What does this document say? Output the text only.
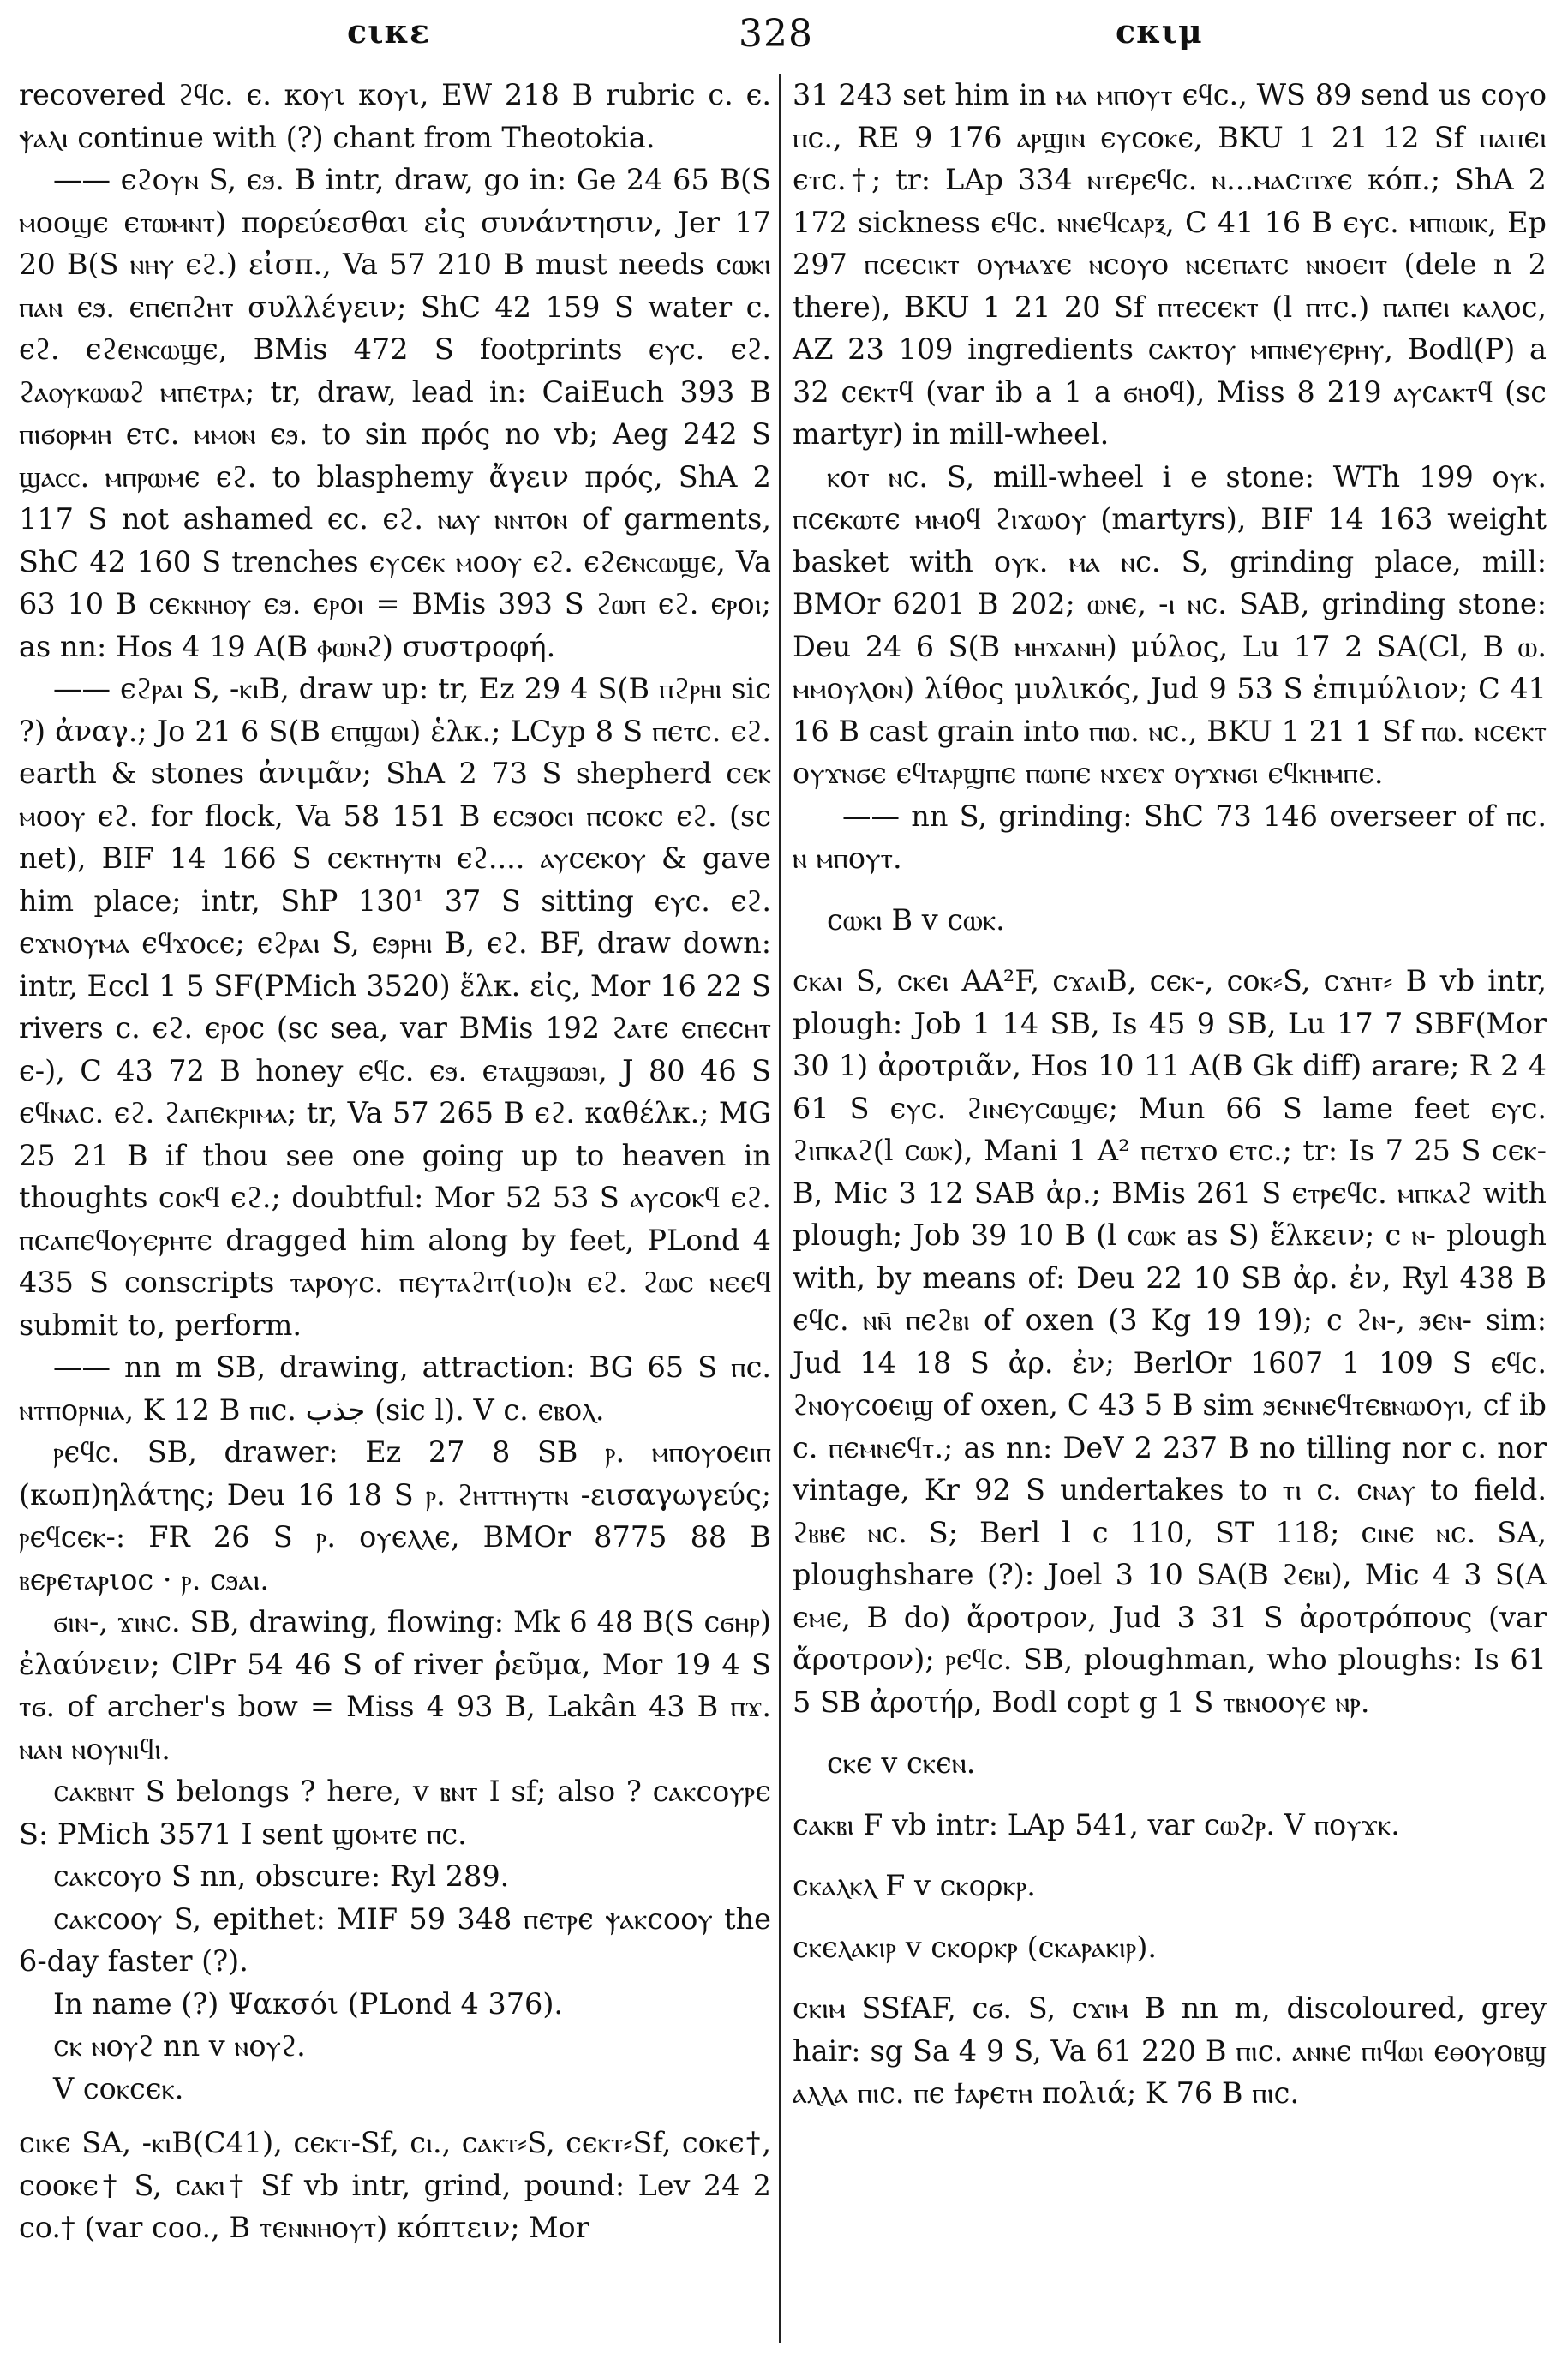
ϲικε	328	ϲκιμ

recovered ϩϥϲ. ϵ. κοⲩι κοⲩι, EW 218 B rubric c. ϵ. ⲯⲁⲗⲓ continue with (?) chant from Theotokia.

—— ϵϩοⲩⲛ S, ϵϧ. B intr, draw, go in: Ge 24 65 B(S ⲙοοϣϵ ϵⲧⲱⲙⲛⲧ) πορεύεσθαι εἰς συνάντησιν, Jer 17 20 B(S ⲛⲏⲩ ϵϩ.) εἰσπ., Va 57 210 B must needs ϲⲱⲕⲓ ⲡⲁⲛ ϵϧ. ϵⲡϵⲡϩⲏⲧ συλλέγειν; ShC 42 159 S water c. ϵϩ. ϵϩϵⲛⲥⲱϣϵ, BMis 472 S footprints ϵⲩϲ. ϵϩ. ϩⲁⲟⲩⲕⲱⲱϩ ⲙⲡϵⲧⲣⲁ; tr, draw, lead in: CaiEuch 393 B ⲡⲓϭⲟⲣⲙⲏ ϵⲧϲ. ⲙⲙⲟⲛ ϵϧ. to sin πρός no vb; Aeg 242 S ϣⲁⲥⲥ. ⲙⲡⲣⲱⲙϵ ϵϩ. to blasphemy ἄγειν πρός, ShA 2 117 S not ashamed ϵϲ. ϵϩ. ⲛⲁⲩ ⲛⲛⲧοⲛ of garments, ShC 42 160 S trenches ϵⲩϲϵⲕ ⲙοοⲩ ϵϩ. ϵϩϵⲛⲥⲱϣϵ, Va 63 10 B ϲϵⲕⲛⲏⲟⲩ ϵϧ. ϵⲣοⲓ = BMis 393 S ϩⲱⲡ ϵϩ. ϵⲣοⲓ; as nn: Hos 4 19 A(B ⲫⲱⲛϩ) συστροφή.

—— ϵϩⲣⲁⲓ S, -ⲕⲓB, draw up: tr, Ez 29 4 S(B ⲡϩⲣⲏⲓ sic ?) ἀναγ.; Jo 21 6 S(B ϵⲡϣⲱⲓ) ἑλκ.; LCyp 8 S ⲡϵⲧϲ. ϵϩ. earth & stones ἀνιμᾶν; ShA 2 73 S shepherd ϲϵⲕ ⲙοοⲩ ϵϩ. for flock, Va 58 151 B ϵϲϧοⲥⲓ ⲡϲοⲕϲ ϵϩ. (sc net), BIF 14 166 S ϲϵⲕⲧⲏⲩⲧⲛ ϵϩ.... ⲁⲩϲϵⲕοⲩ & gave him place; intr, ShP 130¹ 37 S sitting ϵⲩϲ. ϵϩ. ϵϫⲛοⲩⲙⲁ ϵϥϫοⲥϵ; ϵϩⲣⲁⲓ S, ϵϧⲣⲏⲓ B, ϵϩ. BF, draw down: intr, Eccl 1 5 SF(PMich 3520) ἕλκ. εἰς, Mor 16 22 S rivers c. ϵϩ. ϵⲣοϲ (sc sea, var BMis 192 ϩⲁⲧϵ ϵⲡϵϲⲏⲧ ϵ-), C 43 72 B honey ϵϥϲ. ϵϧ. ϵⲧⲁϣϧⲱϧⲓ, J 80 46 S ϵϥⲛⲁϲ. ϵϩ. ϩⲁⲡϵⲕⲣⲓⲙⲁ; tr, Va 57 265 B ϵϩ. καθέλκ.; MG 25 21 B if thou see one going up to heaven in thoughts ϲοⲕϥ ϵϩ.; doubtful: Mor 52 53 S ⲁⲩϲοⲕϥ ϵϩ. ⲡϲⲁⲡϵϥοⲩϵⲣⲏⲧϵ dragged him along by feet, PLond 4 435 S conscripts ⲧⲁⲣοⲩϲ. ⲡϵⲩⲧⲁϩⲓⲧ(ιο)ⲛ ϵϩ. ϩⲱϲ ⲛϵϵϥ submit to, perform.

—— nn m SB, drawing, attraction: BG 65 S ⲡϲ. ⲛⲧⲡοⲣⲛⲓⲁ, K 12 B ⲡⲓϲ. جذب (sic l). V c. ϵⲃοⲗ.

ⲣϵϥϲ. SB, drawer: Ez 27 8 SB ⲣ. ⲙⲡοⲩοϵⲓⲡ (κωπ)ηλάτης; Deu 16 18 S ⲣ. ϩⲏⲧⲧⲏⲩⲧⲛ -εισαγωγεύς; ⲣϵϥϲϵⲕ-: FR 26 S ⲣ. οⲩϵⲗⲗϵ, BMOr 8775 88 B ⲃϵⲣϵⲧⲁⲣιοϲ · ⲣ. ϲϧⲁⲓ.

ϭⲓⲛ-, ϫⲓⲛϲ. SB, drawing, flowing: Mk 6 48 B(S ϲϭⲏⲣ) ἐλαύνειν; ClPr 54 46 S of river ῥεῦμα, Mor 19 4 S ⲧϭ. of archer's bow = Miss 4 93 B, Lakân 43 B ⲡϫ. ⲛⲁⲛ ⲛοⲩⲛⲓϥⲓ.

ϲⲁⲕⲃⲛⲧ S belongs ? here, v ⲃⲛⲧ I sf; also ? ϲⲁⲕϲοⲩⲣϵ S: PMich 3571 I sent ϣοⲙⲧϵ ⲡϲ.

ϲⲁⲕϲοⲩο S nn, obscure: Ryl 289.

ϲⲁⲕϲοοⲩ S, epithet: MIF 59 348 ⲡϵⲧⲣϵ ⲯⲁⲕϲοοⲩ the 6-day faster (?).

In name (?) Ψακσόι (PLond 4 376).

ϲⲕ ⲛοⲩϩ nn v ⲛοⲩϩ.

V ϲοⲕϲϵⲕ.

ϲⲓⲕϵ SA, -ⲕⲓB(C41), ϲϵⲕⲧ-Sf, ϲⲓ., ϲⲁⲕⲧ⸗S, ϲϵⲕⲧ⸗Sf, ϲοⲕϵ†, ϲοοⲕϵ† S, ϲⲁⲕⲓ† Sf vb intr, grind, pound: Lev 24 2 co.† (var coo., B ⲧϵⲛⲛⲏοⲩⲧ) κόπτειν; Mor

31 243 set him in ⲙⲁ ⲙⲡοⲩⲧ ϵϥϲ., WS 89 send us ϲοⲩο ⲡϲ., RE 9 176 ⲁⲣϣⲓⲛ ϵⲩϲοⲕϵ, BKU 1 21 12 Sf ⲡⲁⲡϵⲓ ϵⲧϲ.†; tr: LAp 334 ⲛⲧϵⲣϵϥϲ. ⲛ...ⲙⲁϲⲧⲓϫϵ κόπ.; ShA 2 172 sickness ϵϥϲ. ⲛⲛϵϥⲥⲁⲣⲝ, C 41 16 B ϵⲩϲ. ⲙⲡⲓⲱⲓⲕ, Ep 297 ⲡϲϵϲⲓⲕⲧ οⲩⲙⲁϫϵ ⲛϲοⲩο ⲛϲϵⲡⲁⲧϲ ⲛⲛοϵⲓⲧ (dele n 2 there), BKU 1 21 20 Sf ⲡⲧϵϲϵⲕⲧ (l ⲡⲧϲ.) ⲡⲁⲡϵⲓ ⲕⲁⲗοϲ, AZ 23 109 ingredients ϲⲁⲕⲧοⲩ ⲙⲡⲛϵⲩϵⲣⲏⲩ, Bodl(P) a 32 ϲϵⲕⲧϥ (var ib a 1 a ϭⲏοϥ), Miss 8 219 ⲁⲩϲⲁⲕⲧϥ (sc martyr) in mill-wheel.

ⲕοⲧ ⲛϲ. S, mill-wheel i e stone: WTh 199 οⲩⲕ. ⲡϲϵⲕⲱⲧϵ ⲙⲙοϥ ϩⲓϫⲱοⲩ (martyrs), BIF 14 163 weight basket with οⲩⲕ. ⲙⲁ ⲛϲ. S, grinding place, mill: BMOr 6201 B 202; ⲱⲛϵ, -ⲓ ⲛϲ. SAB, grinding stone: Deu 24 6 S(B ⲙⲏϫⲁⲛⲏ) μύλος, Lu 17 2 SA(Cl, B ⲱ. ⲙⲙοⲩⲗοⲛ) λίθος μυλικός, Jud 9 53 S ἐπιμύλιον; C 41 16 B cast grain into ⲡⲓⲱ. ⲛϲ., BKU 1 21 1 Sf ⲡⲱ. ⲛϲϵⲕⲧ οⲩϫⲛϭϵ ϵϥⲧⲁⲣϣⲡϵ ⲡⲱⲡϵ ⲛϫϵϫ οⲩϫⲛϭⲓ ϵϥⲕⲏⲙⲡϵ.

—— nn S, grinding: ShC 73 146 overseer of ⲡϲ. ⲛ ⲙⲡοⲩⲧ.

ϲⲱⲕⲓ B v ϲⲱⲕ.

ϲⲕⲁⲓ S, ϲⲕϵⲓ AA²F, ϲϫⲁⲓB, ϲϵⲕ-, ϲοⲕ⸗S, ϲϫⲏⲧ⸗ B vb intr, plough: Job 1 14 SB, Is 45 9 SB, Lu 17 7 SBF(Mor 30 1) ἀροτριᾶν, Hos 10 11 A(B Gk diff) arare; R 2 4 61 S ϵⲩϲ. ϩⲓⲛϵⲩϲⲱϣϵ; Mun 66 S lame feet ϵⲩϲ. ϩⲓⲡⲕⲁϩ(l ϲⲱⲕ), Mani 1 A² ⲡϵⲧϫο ϵⲧϲ.; tr: Is 7 25 S ϲϵⲕ- B, Mic 3 12 SAB ἀρ.; BMis 261 S ϵⲧⲣϵϥϲ. ⲙⲡⲕⲁϩ with plough; Job 39 10 B (l ϲⲱⲕ as S) ἕλκειν; c ⲛ- plough with, by means of: Deu 22 10 SB ἀρ. ἐν, Ryl 438 B ϵϥϲ. ⲛⲛ̄ ⲡϵϩⲃⲓ of oxen (3 Kg 19 19); c ϩⲛ-, ϧϵⲛ- sim: Jud 14 18 S ἀρ. ἐν; BerlOr 1607 1 109 S ϵϥϲ. ϩⲛοⲩϲοϵⲓϣ of oxen, C 43 5 B sim ϧϵⲛⲛϵϥⲧϵⲃⲛⲱοⲩⲓ, cf ib c. ⲡϵⲙⲛϵϥⲧ.; as nn: DeV 2 237 B no tilling nor c. nor vintage, Kr 92 S undertakes to ⲧⲓ c. ϲⲛⲁⲩ to field. ϩⲃⲃϵ ⲛϲ. S; Berl l c 110, ST 118; ϲⲓⲛϵ ⲛϲ. SA, ploughshare (?): Joel 3 10 SA(B ϩϵⲃⲓ), Mic 4 3 S(A ϵⲙϵ, B do) ἄροτρον, Jud 3 31 S ἀροτρόπους (var ἄροτρον); ⲣϵϥϲ. SB, ploughman, who ploughs: Is 61 5 SB ἀροτήρ, Bodl copt g 1 S ⲧⲃⲛοοⲩϵ ⲛⲣ.

ϲⲕϵ v ϲⲕϵⲛ.

ϲⲁⲕⲃⲓ F vb intr: LAp 541, var ϲⲱϩⲣ. V ⲡοⲩϫⲕ.

ϲⲕⲁⲗⲕⲗ F v ϲⲕορⲕⲣ.

ϲⲕϵⲗⲁⲕⲓⲣ v ϲⲕορⲕⲣ (ϲⲕⲁⲣⲁⲕⲓⲣ).

ϲⲕⲓⲙ SSfAF, ϲϭ. S, ϲϫⲓⲙ B nn m, discoloured, grey hair: sg Sa 4 9 S, Va 61 220 B ⲡⲓϲ. ⲁⲛⲛϵ ⲡⲓϥⲱⲓ ϵⲑοⲩοⲃϣ ⲁⲗⲗⲁ ⲡⲓϲ. ⲡϵ ϯⲁⲣϵⲧⲏ πολιά; K 76 B ⲡⲓϲ.
